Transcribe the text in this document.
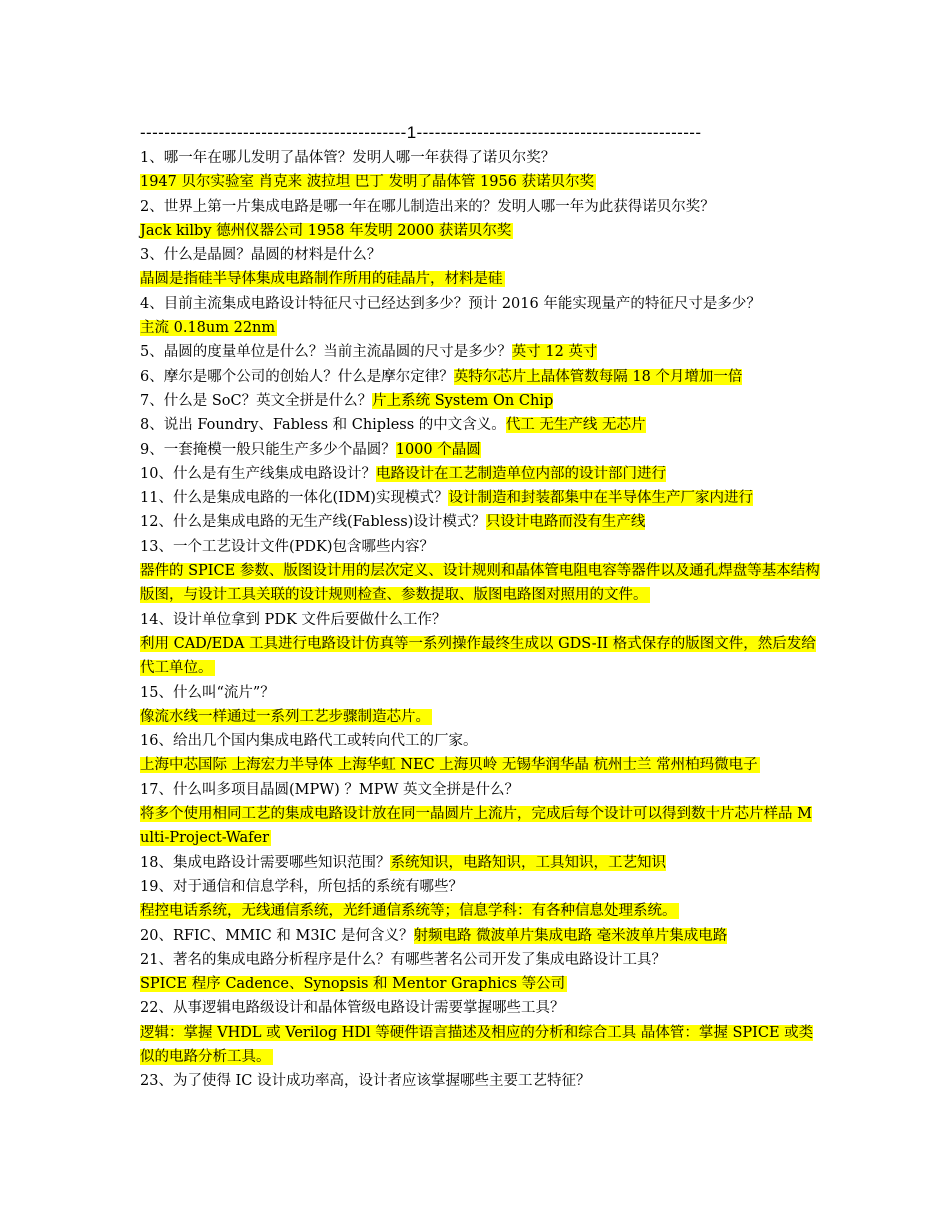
--------------------------------------------1-----------------------------------------------
1、哪一年在哪儿发明了晶体管？发明人哪一年获得了诺贝尔奖？
1947 贝尔实验室 肖克来 波拉坦 巴丁 发明了晶体管 1956 获诺贝尔奖
2、世界上第一片集成电路是哪一年在哪儿制造出来的？发明人哪一年为此获得诺贝尔奖？
Jack kilby 德州仪器公司 1958 年发明 2000 获诺贝尔奖
3、什么是晶圆？晶圆的材料是什么？
晶圆是指硅半导体集成电路制作所用的硅晶片，材料是硅
4、目前主流集成电路设计特征尺寸已经达到多少？预计 2016 年能实现量产的特征尺寸是多少？
主流 0.18um 22nm
5、晶圆的度量单位是什么？当前主流晶圆的尺寸是多少？英寸 12 英寸
6、摩尔是哪个公司的创始人？什么是摩尔定律？英特尔芯片上晶体管数每隔 18 个月增加一倍
7、什么是 SoC？英文全拼是什么？片上系统 System On Chip
8、说出 Foundry、Fabless 和 Chipless 的中文含义。代工 无生产线 无芯片
9、一套掩模一般只能生产多少个晶圆？1000 个晶圆
10、什么是有生产线集成电路设计？电路设计在工艺制造单位内部的设计部门进行
11、什么是集成电路的一体化(IDM)实现模式？设计制造和封装都集中在半导体生产厂家内进行
12、什么是集成电路的无生产线(Fabless)设计模式？只设计电路而没有生产线
13、一个工艺设计文件(PDK)包含哪些内容？
器件的 SPICE 参数、版图设计用的层次定义、设计规则和晶体管电阻电容等器件以及通孔焊盘等基本结构版图，与设计工具关联的设计规则检查、参数提取、版图电路图对照用的文件。
14、设计单位拿到 PDK 文件后要做什么工作？
利用 CAD/EDA 工具进行电路设计仿真等一系列操作最终生成以 GDS-II 格式保存的版图文件，然后发给代工单位。
15、什么叫“流片”？
像流水线一样通过一系列工艺步骤制造芯片。
16、给出几个国内集成电路代工或转向代工的厂家。
上海中芯国际 上海宏力半导体 上海华虹 NEC 上海贝岭 无锡华润华晶 杭州士兰 常州柏玛微电子
17、什么叫多项目晶圆(MPW) ？MPW 英文全拼是什么？
将多个使用相同工艺的集成电路设计放在同一晶圆片上流片，完成后每个设计可以得到数十片芯片样品 Multi-Project-Wafer
18、集成电路设计需要哪些知识范围？系统知识，电路知识，工具知识，工艺知识
19、对于通信和信息学科，所包括的系统有哪些？
程控电话系统，无线通信系统，光纤通信系统等；信息学科：有各种信息处理系统。
20、RFIC、MMIC 和 M3IC 是何含义？射频电路 微波单片集成电路 毫米波单片集成电路
21、著名的集成电路分析程序是什么？有哪些著名公司开发了集成电路设计工具？
SPICE 程序 Cadence、Synopsis 和 Mentor Graphics 等公司
22、从事逻辑电路级设计和晶体管级电路设计需要掌握哪些工具？
逻辑：掌握 VHDL 或 Verilog HDl 等硬件语言描述及相应的分析和综合工具 晶体管：掌握 SPICE 或类似的电路分析工具。
23、为了使得 IC 设计成功率高，设计者应该掌握哪些主要工艺特征？
